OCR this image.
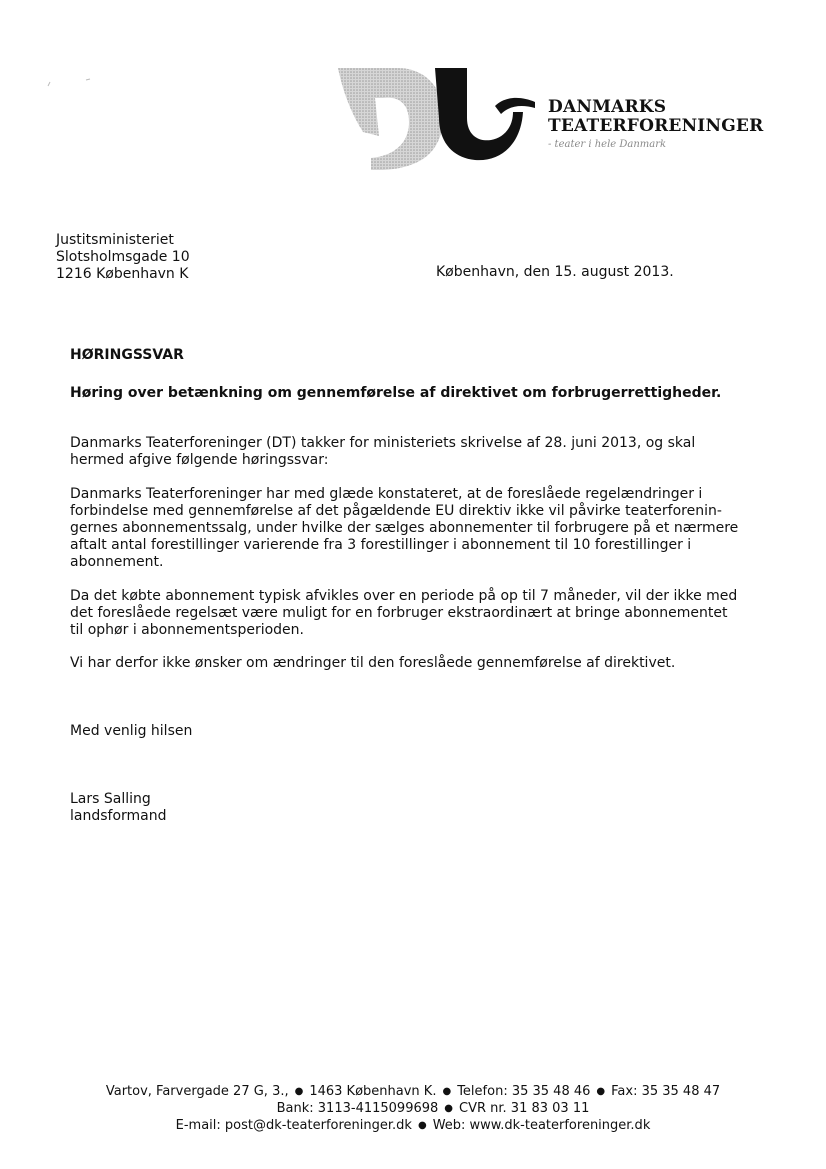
DANMARKS
TEATERFORENINGER
- teater i hele Danmark
Justitsministeriet
Slotsholmsgade 10
1216 København K	København, den 15. august 2013.
HØRINGSSVAR
Høring over betænkning om gennemførelse af direktivet om forbrugerrettigheder.

Danmarks Teaterforeninger (DT) takker for ministeriets skrivelse af 28. juni 2013, og skal

hermed afgive følgende høringssvar:

Danmarks Teaterforeninger har med glæde konstateret, at de foreslåede regelændringer i

forbindelse med gennemførelse af det pågældende EU direktiv ikke vil påvirke teaterforenin-

gernes abonnementssalg, under hvilke der sælges abonnementer til forbrugere på et nærmere

aftalt antal forestillinger varierende fra 3 forestillinger i abonnement til 10 forestillinger i

abonnement.

Da det købte abonnement typisk afvikles over en periode på op til 7 måneder, vil der ikke med

det foreslåede regelsæt være muligt for en forbruger ekstraordinært at bringe abonnementet

til ophør i abonnementsperioden.

Vi har derfor ikke ønsker om ændringer til den foreslåede gennemførelse af direktivet.

Med venlig hilsen
Lars Salling
landsformand
Vartov, Farvergade 27 G, 3., ● 1463 København K. ● Telefon: 35 35 48 46 ● Fax: 35 35 48 47
Bank: 3113-4115099698 ● CVR nr. 31 83 03 11
E-mail: post@dk-teaterforeninger.dk ● Web: www.dk-teaterforeninger.dk
